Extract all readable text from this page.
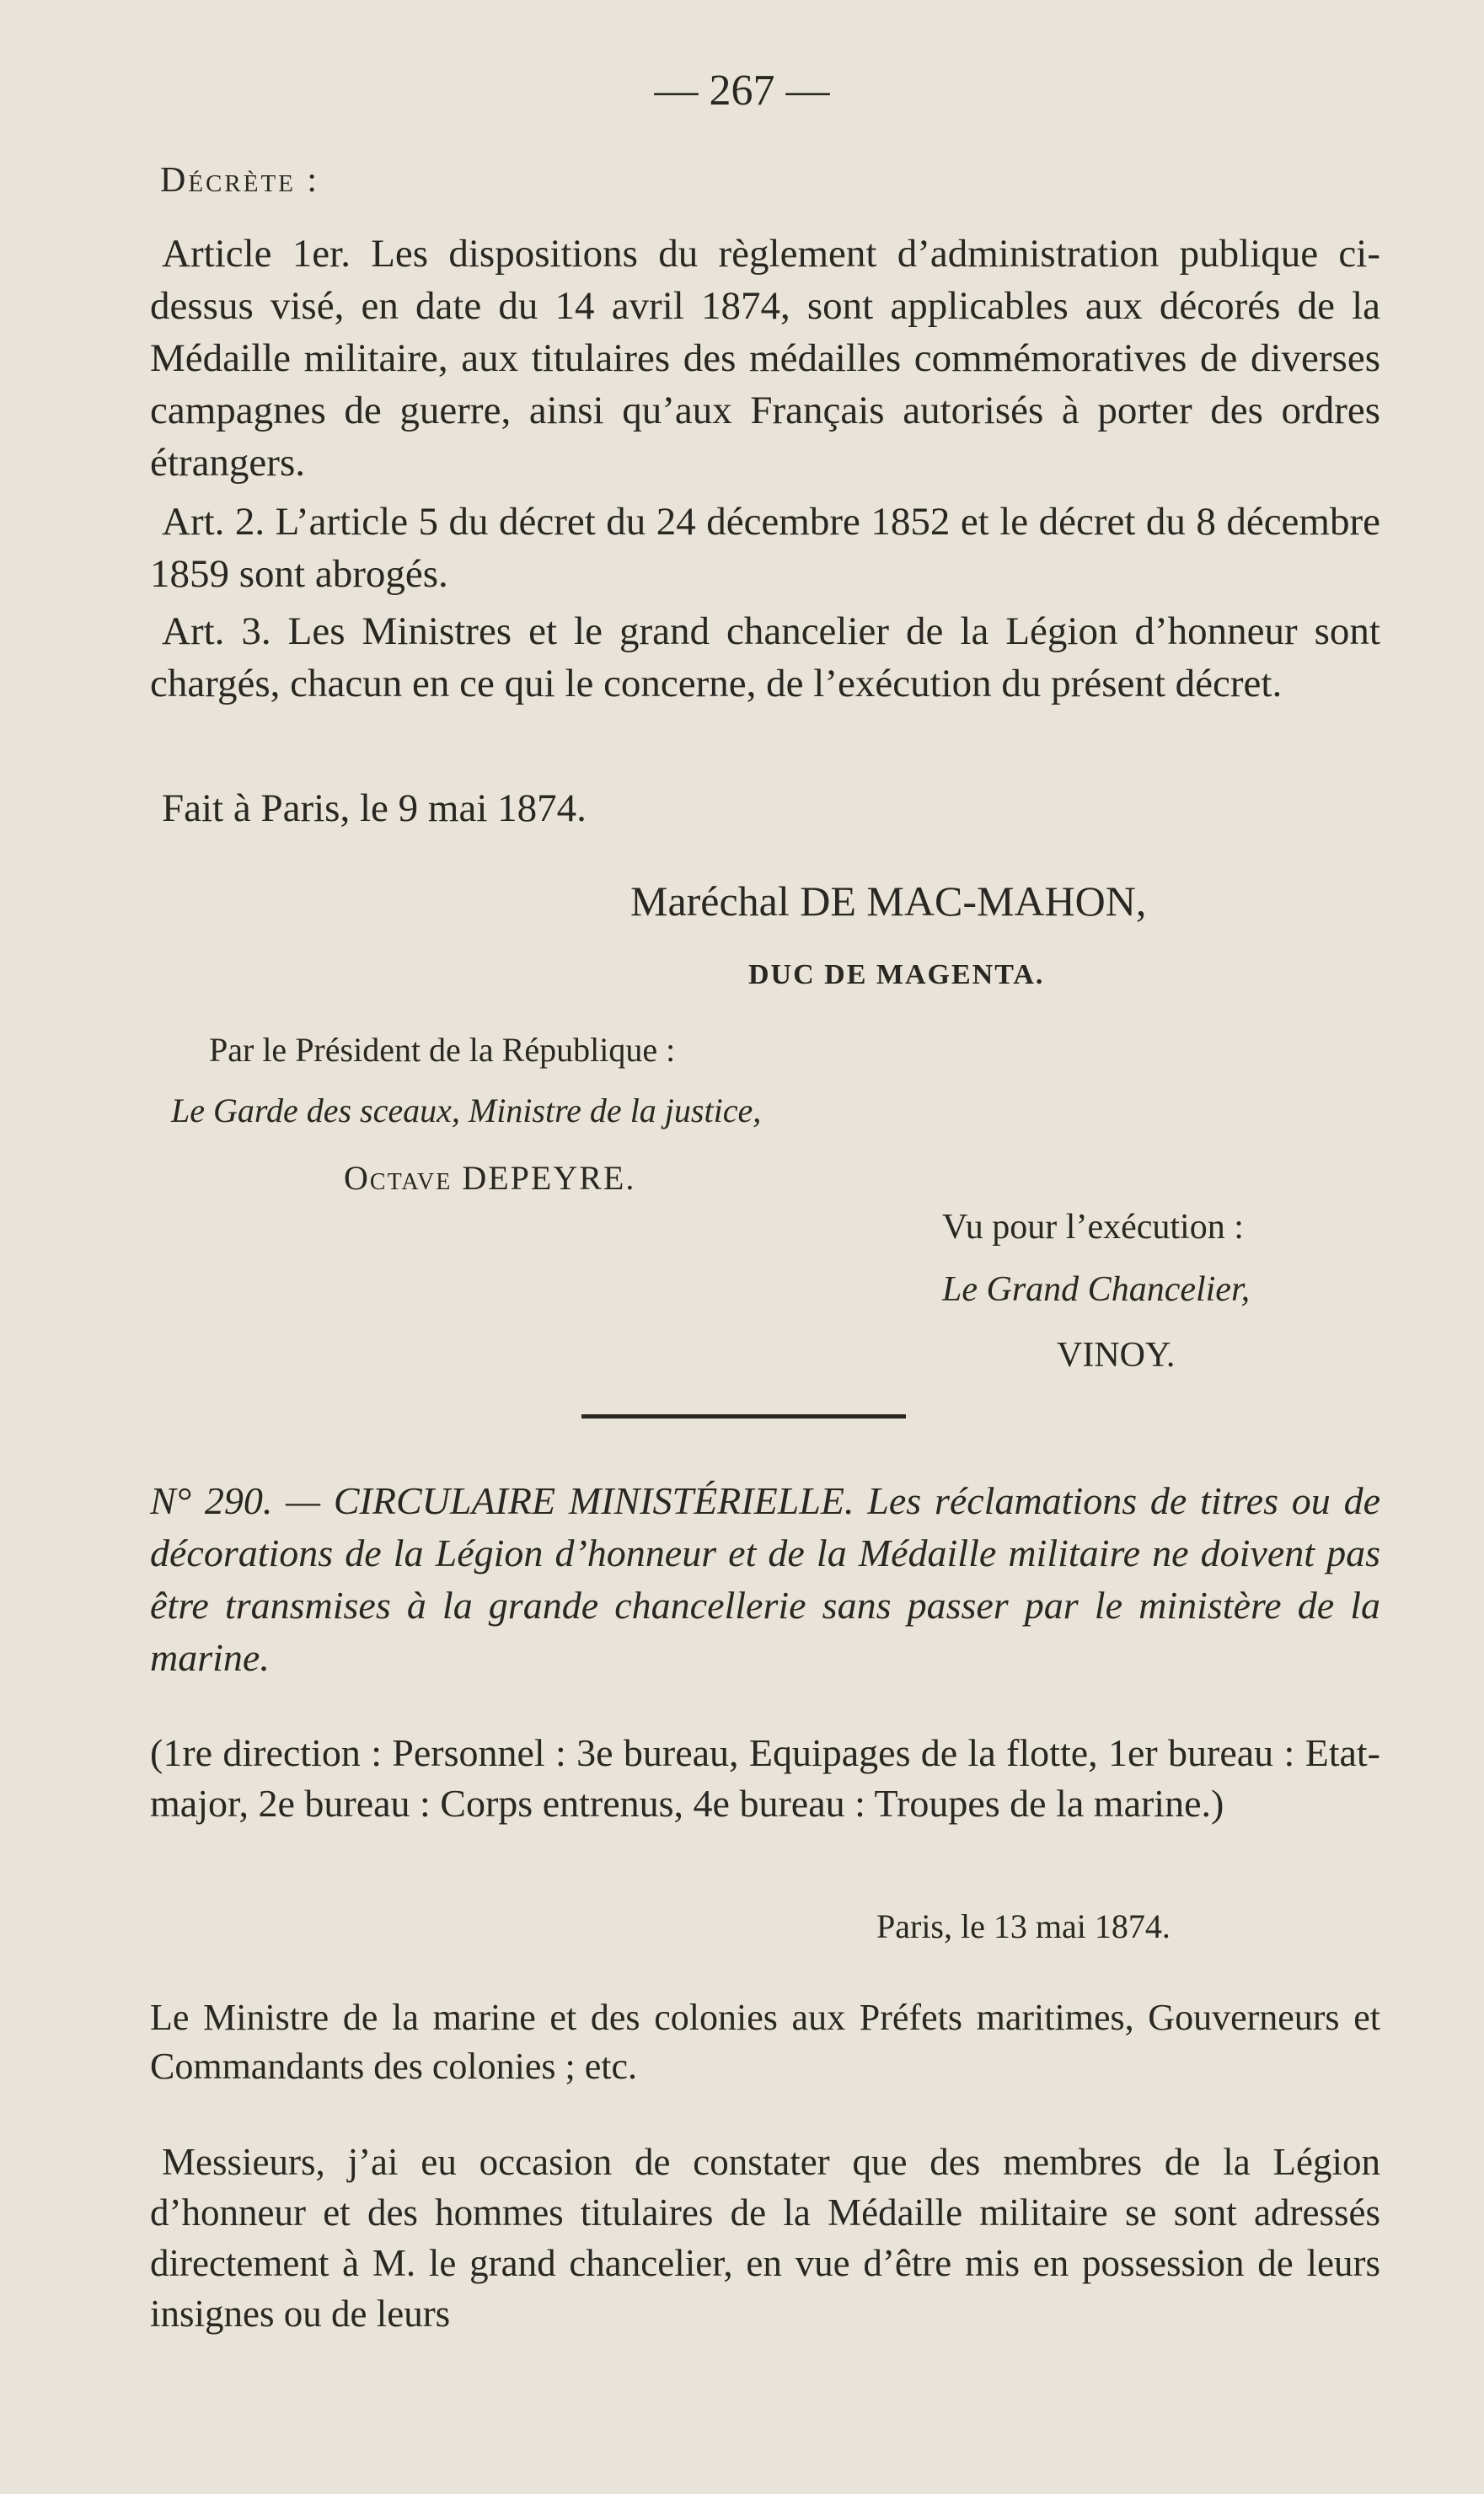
— 267 —
Décrète :
Article 1er. Les dispositions du règlement d’administration publique ci-dessus visé, en date du 14 avril 1874, sont applicables aux décorés de la Médaille militaire, aux titulaires des médailles commémoratives de diverses campagnes de guerre, ainsi qu’aux Français autorisés à porter des ordres étrangers.
Art. 2. L’article 5 du décret du 24 décembre 1852 et le décret du 8 décembre 1859 sont abrogés.
Art. 3. Les Ministres et le grand chancelier de la Légion d’honneur sont chargés, chacun en ce qui le concerne, de l’exécution du présent décret.
Fait à Paris, le 9 mai 1874.
Maréchal DE MAC-MAHON,
DUC DE MAGENTA.
Par le Président de la République :
Le Garde des sceaux, Ministre de la justice,
Octave DEPEYRE.
Vu pour l’exécution :
Le Grand Chancelier,
VINOY.
N° 290. — CIRCULAIRE MINISTÉRIELLE. Les réclamations de titres ou de décorations de la Légion d’honneur et de la Médaille militaire ne doivent pas être transmises à la grande chancellerie sans passer par le ministère de la marine.
(1re direction : Personnel : 3e bureau, Equipages de la flotte, 1er bureau : Etat-major, 2e bureau : Corps entrenus, 4e bureau : Troupes de la marine.)
Paris, le 13 mai 1874.
Le Ministre de la marine et des colonies aux Préfets maritimes, Gouverneurs et Commandants des colonies ; etc.
Messieurs, j’ai eu occasion de constater que des membres de la Légion d’honneur et des hommes titulaires de la Médaille militaire se sont adressés directement à M. le grand chancelier, en vue d’être mis en possession de leurs insignes ou de leurs
